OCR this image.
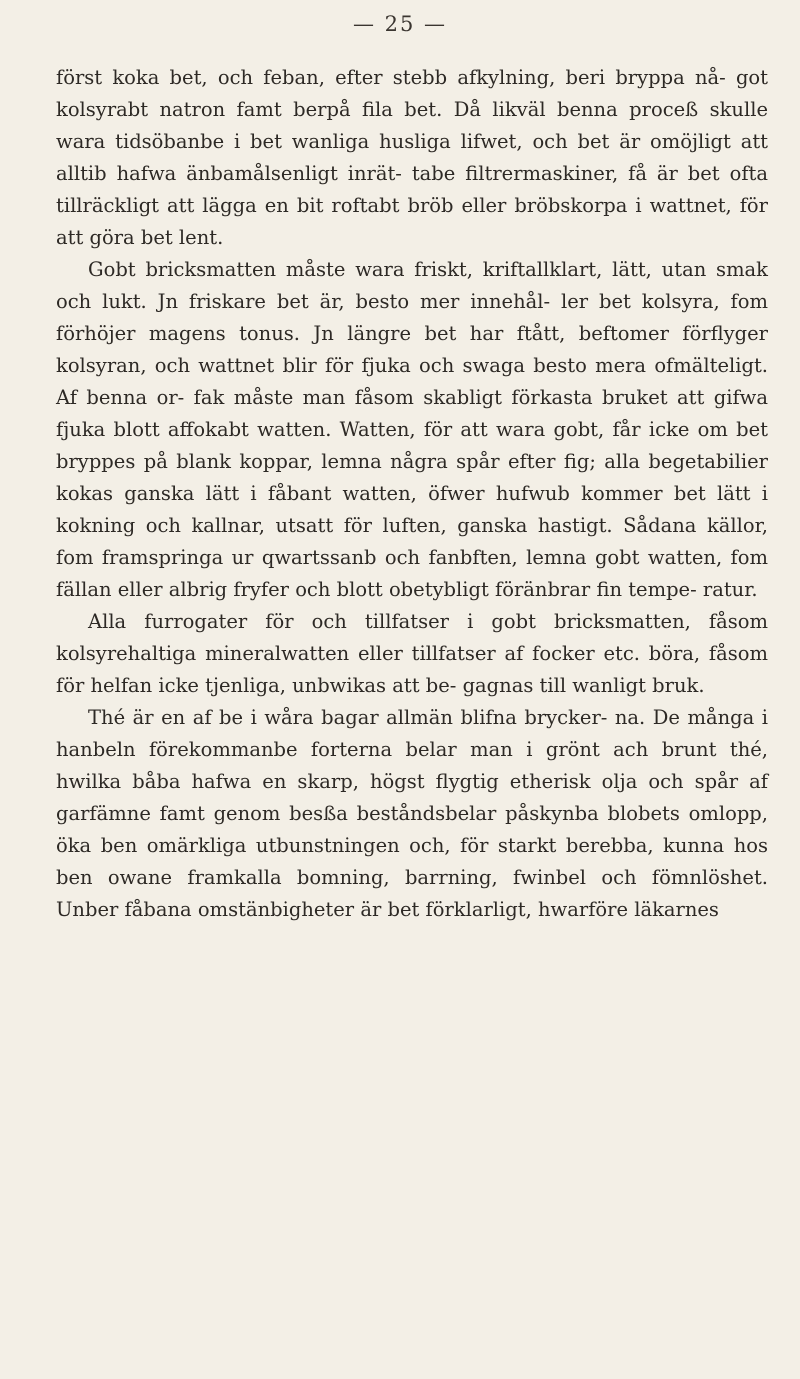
— 25 —

först kokа bet, och feban, efter stebb afkylning, beri bryppa nå- got kolsyrabt natron famt berpå fila bet. Då likväl benna proceß skulle wara tidsöbanbe i bet wanliga husliga lifwet, och bet är omöjligt att alltib hafwa änbamålsenligt inrät- tabe filtrermaskiner, få är bet ofta tillräckligt att lägga en bit roftabt bröb eller bröbskorpa i wattnet, för att göra bet lent.

Gobt bricksmatten måste wara friskt, kriftallklart, lätt, utan smak och lukt. Jn friskare bet är, besto mer innehål- ler bet kolsyra, fom förhöjer magens tonus. Jn längre bet har ftått, beftomer förflyger kolsyran, och wattnet blir för fjuka och swaga besto mera ofmältеligt. Af benna or- fak måste man fåsom skabligt förkasta brukеt att gifwa fjuka blott affokabt watten. Watten, för att wara gobt, får icke om bet bryppes på blank koppar, lemna några spår efter fig; alla begetabilier kokas ganska lätt i fåbant watten, öfwer hufwub kommer bet lätt i kokning och kallnar, utsatt för luften, ganska hastigt. Sådana källor, fom framspringa ur qwartssanb och fanbften, lemna gobt watten, fom fällan eller albrig fryfer och blott obetybligt föränbrar fin tempe- ratur.

Alla furrogater för och tillfatser i gobt bricksmatten, fåsom kolsyrehaltiga mineralwatten eller tillfatser af focker etc. böra, fåsom för helfan icke tjenliga, unbwikas att be- gagnas till wanligt bruk.

Thé är en af be i wåra bagar allmän blifna brycker- na. De många i hanbeln förekommanbe forterna belar man i grönt ach brunt thé, hwilka båba hafwa en skarp, högst flygtig etherisk olja och spår af garfämne famt genom besßa beståndsbelar påskynba blobets omlopp, öka ben omärkliga utbunstningen och, för starkt berebba, kunna hos ben owane framkalla bomning, barrning, fwinbel och fömnlöshet. Unber fåbana omstänbigheter är bet förklarligt, hwarföre läkarnes
